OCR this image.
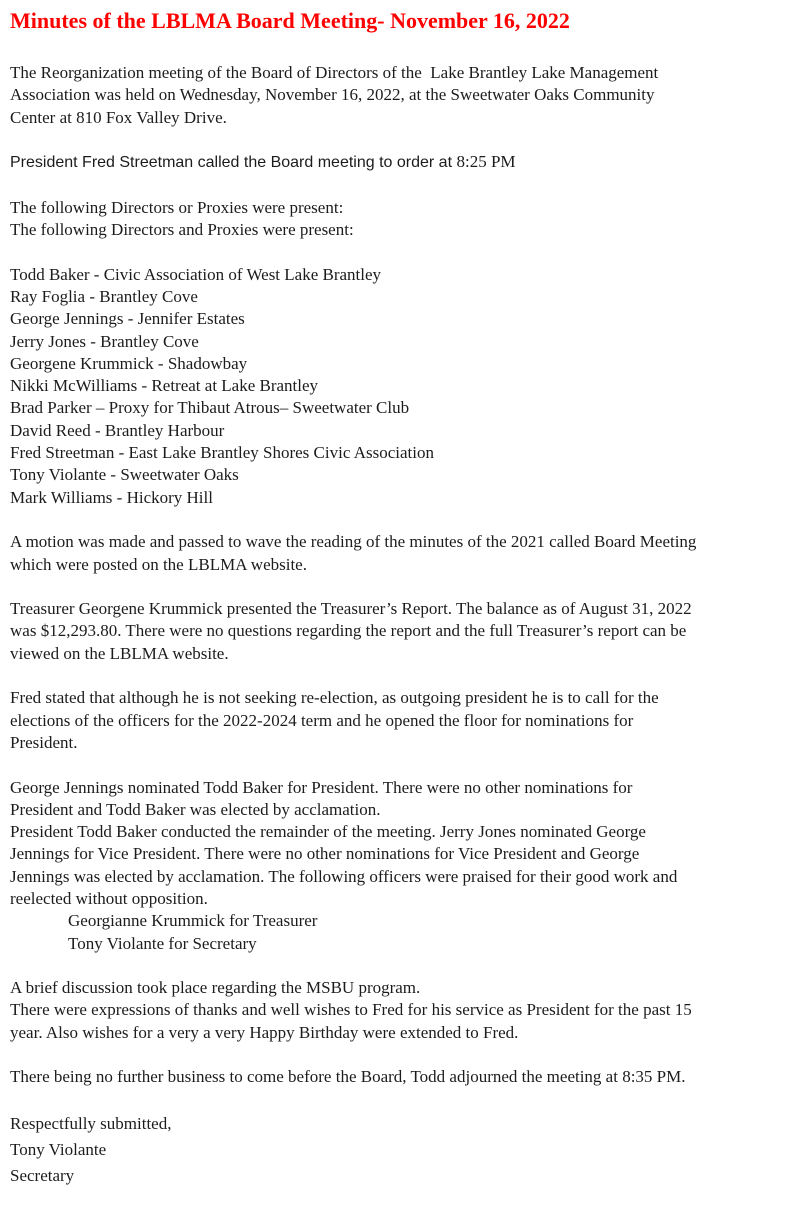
Minutes of the LBLMA Board Meeting- November 16, 2022
The Reorganization meeting of the Board of Directors of the  Lake Brantley Lake Management
Association was held on Wednesday, November 16, 2022, at the Sweetwater Oaks Community
Center at 810 Fox Valley Drive.
President Fred Streetman called the Board meeting to order at 8:25 PM
The following Directors or Proxies were present:
The following Directors and Proxies were present:
Todd Baker - Civic Association of West Lake Brantley
Ray Foglia - Brantley Cove
George Jennings - Jennifer Estates
Jerry Jones - Brantley Cove
Georgene Krummick - Shadowbay
Nikki McWilliams - Retreat at Lake Brantley
Brad Parker – Proxy for Thibaut Atrous– Sweetwater Club
David Reed - Brantley Harbour
Fred Streetman - East Lake Brantley Shores Civic Association
Tony Violante - Sweetwater Oaks
Mark Williams - Hickory Hill
A motion was made and passed to wave the reading of the minutes of the 2021 called Board Meeting
which were posted on the LBLMA website.
Treasurer Georgene Krummick presented the Treasurer’s Report. The balance as of August 31, 2022
was $12,293.80. There were no questions regarding the report and the full Treasurer’s report can be
viewed on the LBLMA website.
Fred stated that although he is not seeking re-election, as outgoing president he is to call for the
elections of the officers for the 2022-2024 term and he opened the floor for nominations for
President.
George Jennings nominated Todd Baker for President. There were no other nominations for
President and Todd Baker was elected by acclamation.
President Todd Baker conducted the remainder of the meeting. Jerry Jones nominated George
Jennings for Vice President. There were no other nominations for Vice President and George
Jennings was elected by acclamation. The following officers were praised for their good work and
reelected without opposition.
Georgianne Krummick for Treasurer
Tony Violante for Secretary
A brief discussion took place regarding the MSBU program.
There were expressions of thanks and well wishes to Fred for his service as President for the past 15
year. Also wishes for a very a very Happy Birthday were extended to Fred.
There being no further business to come before the Board, Todd adjourned the meeting at 8:35 PM.
Respectfully submitted,
Tony Violante
Secretary
